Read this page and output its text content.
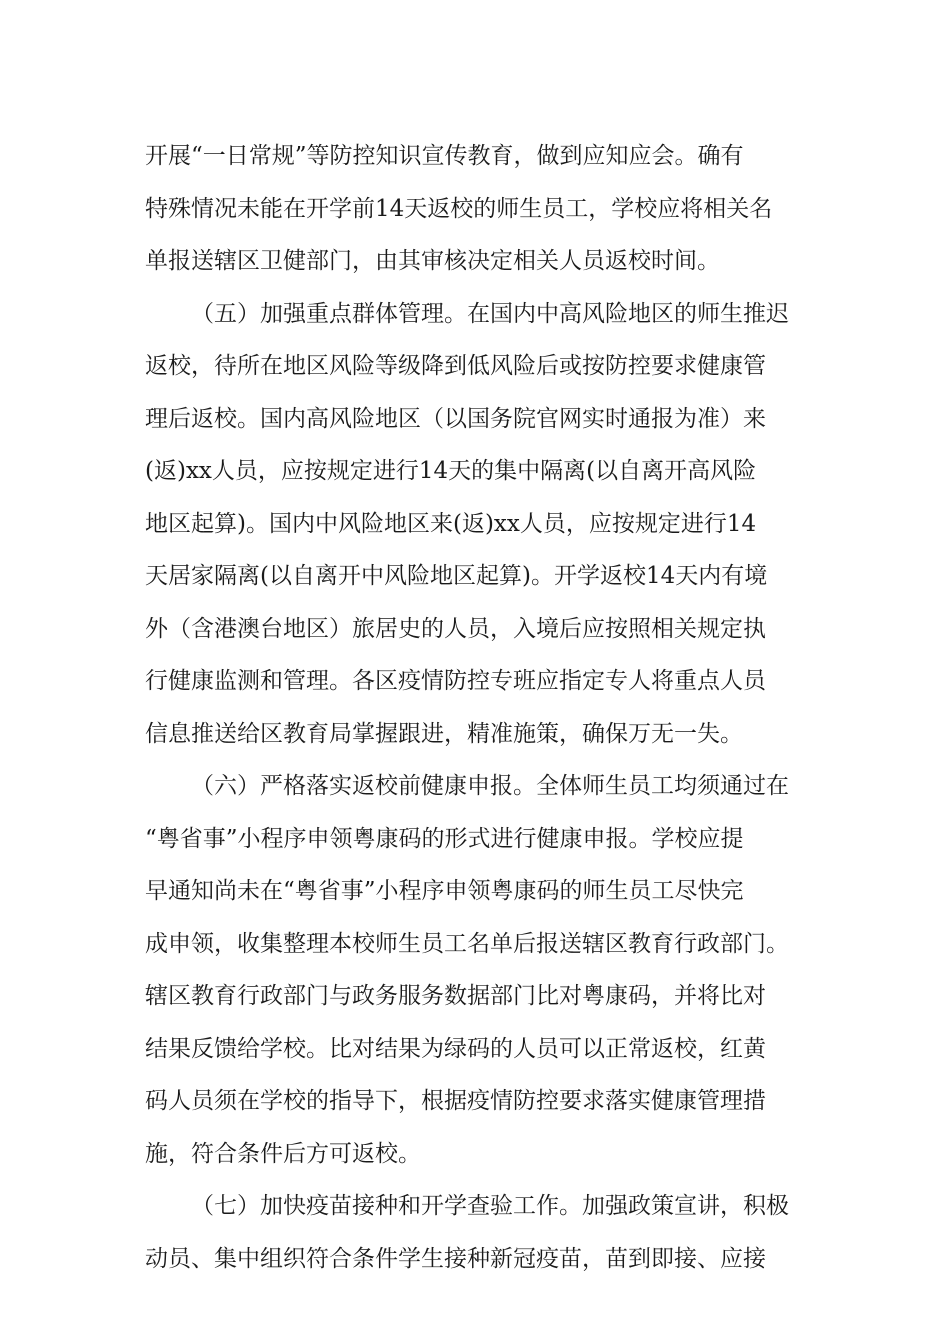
开展“一日常规”等防控知识宣传教育，做到应知应会。确有
特殊情况未能在开学前14天返校的师生员工，学校应将相关名
单报送辖区卫健部门，由其审核决定相关人员返校时间。
（五）加强重点群体管理。在国内中高风险地区的师生推迟
返校，待所在地区风险等级降到低风险后或按防控要求健康管
理后返校。国内高风险地区（以国务院官网实时通报为准）来
(返)xx人员，应按规定进行14天的集中隔离(以自离开高风险
地区起算)。国内中风险地区来(返)xx人员，应按规定进行14
天居家隔离(以自离开中风险地区起算)。开学返校14天内有境
外（含港澳台地区）旅居史的人员，入境后应按照相关规定执
行健康监测和管理。各区疫情防控专班应指定专人将重点人员
信息推送给区教育局掌握跟进，精准施策，确保万无一失。
（六）严格落实返校前健康申报。全体师生员工均须通过在
“粤省事”小程序申领粤康码的形式进行健康申报。学校应提
早通知尚未在“粤省事”小程序申领粤康码的师生员工尽快完
成申领，收集整理本校师生员工名单后报送辖区教育行政部门。
辖区教育行政部门与政务服务数据部门比对粤康码，并将比对
结果反馈给学校。比对结果为绿码的人员可以正常返校，红黄
码人员须在学校的指导下，根据疫情防控要求落实健康管理措
施，符合条件后方可返校。
（七）加快疫苗接种和开学查验工作。加强政策宣讲，积极
动员、集中组织符合条件学生接种新冠疫苗，苗到即接、应接
